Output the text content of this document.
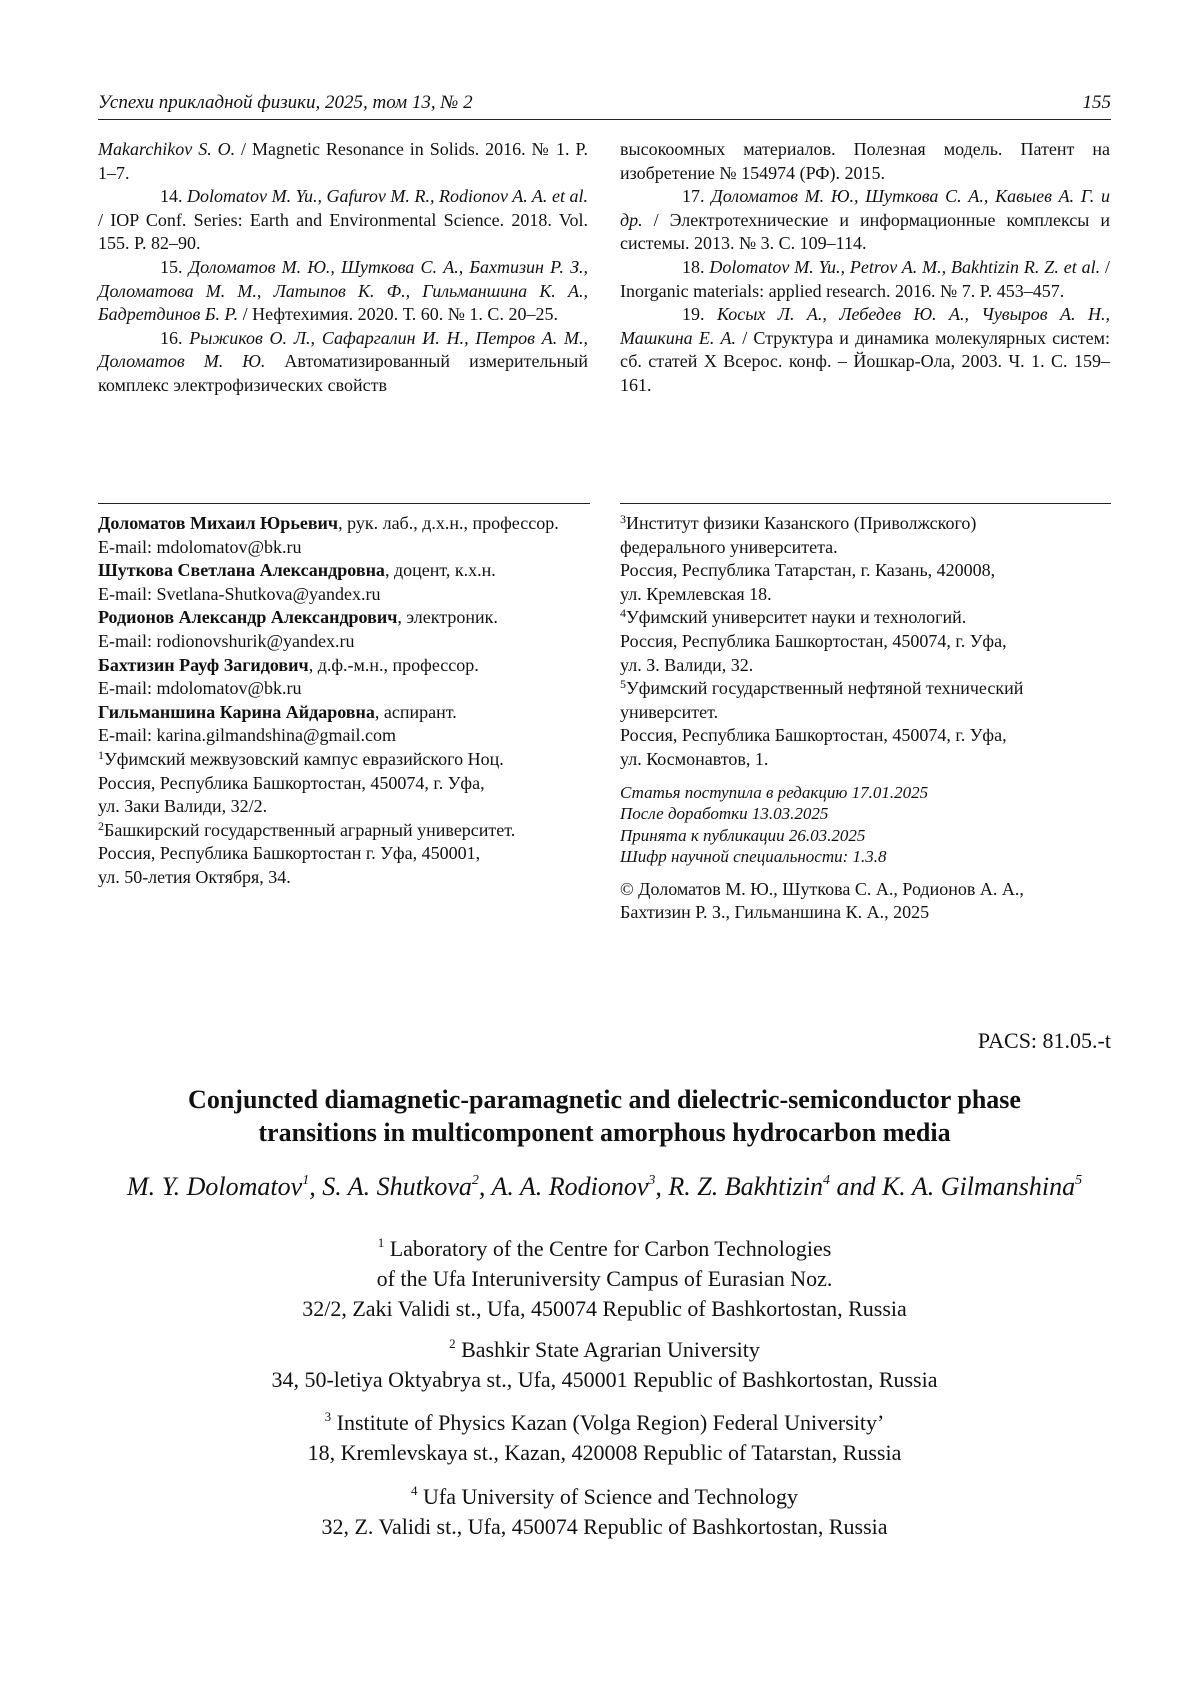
Успехи прикладной физики, 2025, том 13, № 2	155

Makarchikov S. O. / Magnetic Resonance in Solids. 2016. № 1. P. 1–7.

14. Dolomatov M. Yu., Gafurov M. R., Rodionov A. A. et al. / IOP Conf. Series: Earth and Environmental Science. 2018. Vol. 155. P. 82–90.

15. Доломатов М. Ю., Шуткова С. А., Бахтизин Р. З., Доломатова М. М., Латыпов К. Ф., Гильманшина К. А., Бадретдинов Б. Р. / Нефтехимия. 2020. Т. 60. № 1. С. 20–25.

16. Рыжиков О. Л., Сафаргалин И. Н., Петров А. М., Доломатов М. Ю. Автоматизированный измерительный комплекс электрофизических свойств

высокоомных материалов. Полезная модель. Патент на изобретение № 154974 (РФ). 2015.

17. Доломатов М. Ю., Шуткова С. А., Кавыев А. Г. и др. / Электротехнические и информационные комплексы и системы. 2013. № 3. С. 109–114.

18. Dolomatov M. Yu., Petrov A. M., Bakhtizin R. Z. et al. / Inorganic materials: applied research. 2016. № 7. P. 453–457.

19. Косых Л. А., Лебедев Ю. А., Чувыров А. Н., Машкина Е. А. / Структура и динамика молекулярных систем: сб. статей X Всерос. конф. – Йошкар-Ола, 2003. Ч. 1. С. 159–161.

Доломатов Михаил Юрьевич, рук. лаб., д.х.н., профессор.
E-mail: mdolomatov@bk.ru
Шуткова Светлана Александровна, доцент, к.х.н.
E-mail: Svetlana-Shutkova@yandex.ru
Родионов Александр Александрович, электроник.
E-mail: rodionovshurik@yandex.ru
Бахтизин Рауф Загидович, д.ф.-м.н., профессор.
E-mail: mdolomatov@bk.ru
Гильманшина Карина Айдаровна, аспирант.
E-mail: karina.gilmandshina@gmail.com
1Уфимский межвузовский кампус евразийского Ноц.
Россия, Республика Башкортостан, 450074, г. Уфа,
ул. Заки Валиди, 32/2.
2Башкирский государственный аграрный университет.
Россия, Республика Башкортостан г. Уфа, 450001,
ул. 50-летия Октября, 34.
3Институт физики Казанского (Приволжского)
федерального университета.
Россия, Республика Татарстан, г. Казань, 420008,
ул. Кремлевская 18.
4Уфимский университет науки и технологий.
Россия, Республика Башкортостан, 450074, г. Уфа,
ул. З. Валиди, 32.
5Уфимский государственный нефтяной технический
университет.
Россия, Республика Башкортостан, 450074, г. Уфа,
ул. Космонавтов, 1.
Статья поступила в редакцию 17.01.2025
После доработки 13.03.2025
Принята к публикации 26.03.2025
Шифр научной специальности: 1.3.8
© Доломатов М. Ю., Шуткова С. А., Родионов А. А.,
Бахтизин Р. З., Гильманшина К. А., 2025
PACS: 81.05.-t
Conjuncted diamagnetic-paramagnetic and dielectric-semiconductor phase
transitions in multicomponent amorphous hydrocarbon media
M. Y. Dolomatov1, S. A. Shutkova2, A. A. Rodionov3, R. Z. Bakhtizin4 and K. A. Gilmanshina5
1 Laboratory of the Centre for Carbon Technologies
of the Ufa Interuniversity Campus of Eurasian Noz.
32/2, Zaki Validi st., Ufa, 450074 Republic of Bashkortostan, Russia
2 Bashkir State Agrarian University
34, 50-letiya Oktyabrya st., Ufa, 450001 Republic of Bashkortostan, Russia
3 Institute of Physics Kazan (Volga Region) Federal University’
18, Kremlevskaya st., Kazan, 420008 Republic of Tatarstan, Russia
4 Ufa University of Science and Technology
32, Z. Validi st., Ufa, 450074 Republic of Bashkortostan, Russia
